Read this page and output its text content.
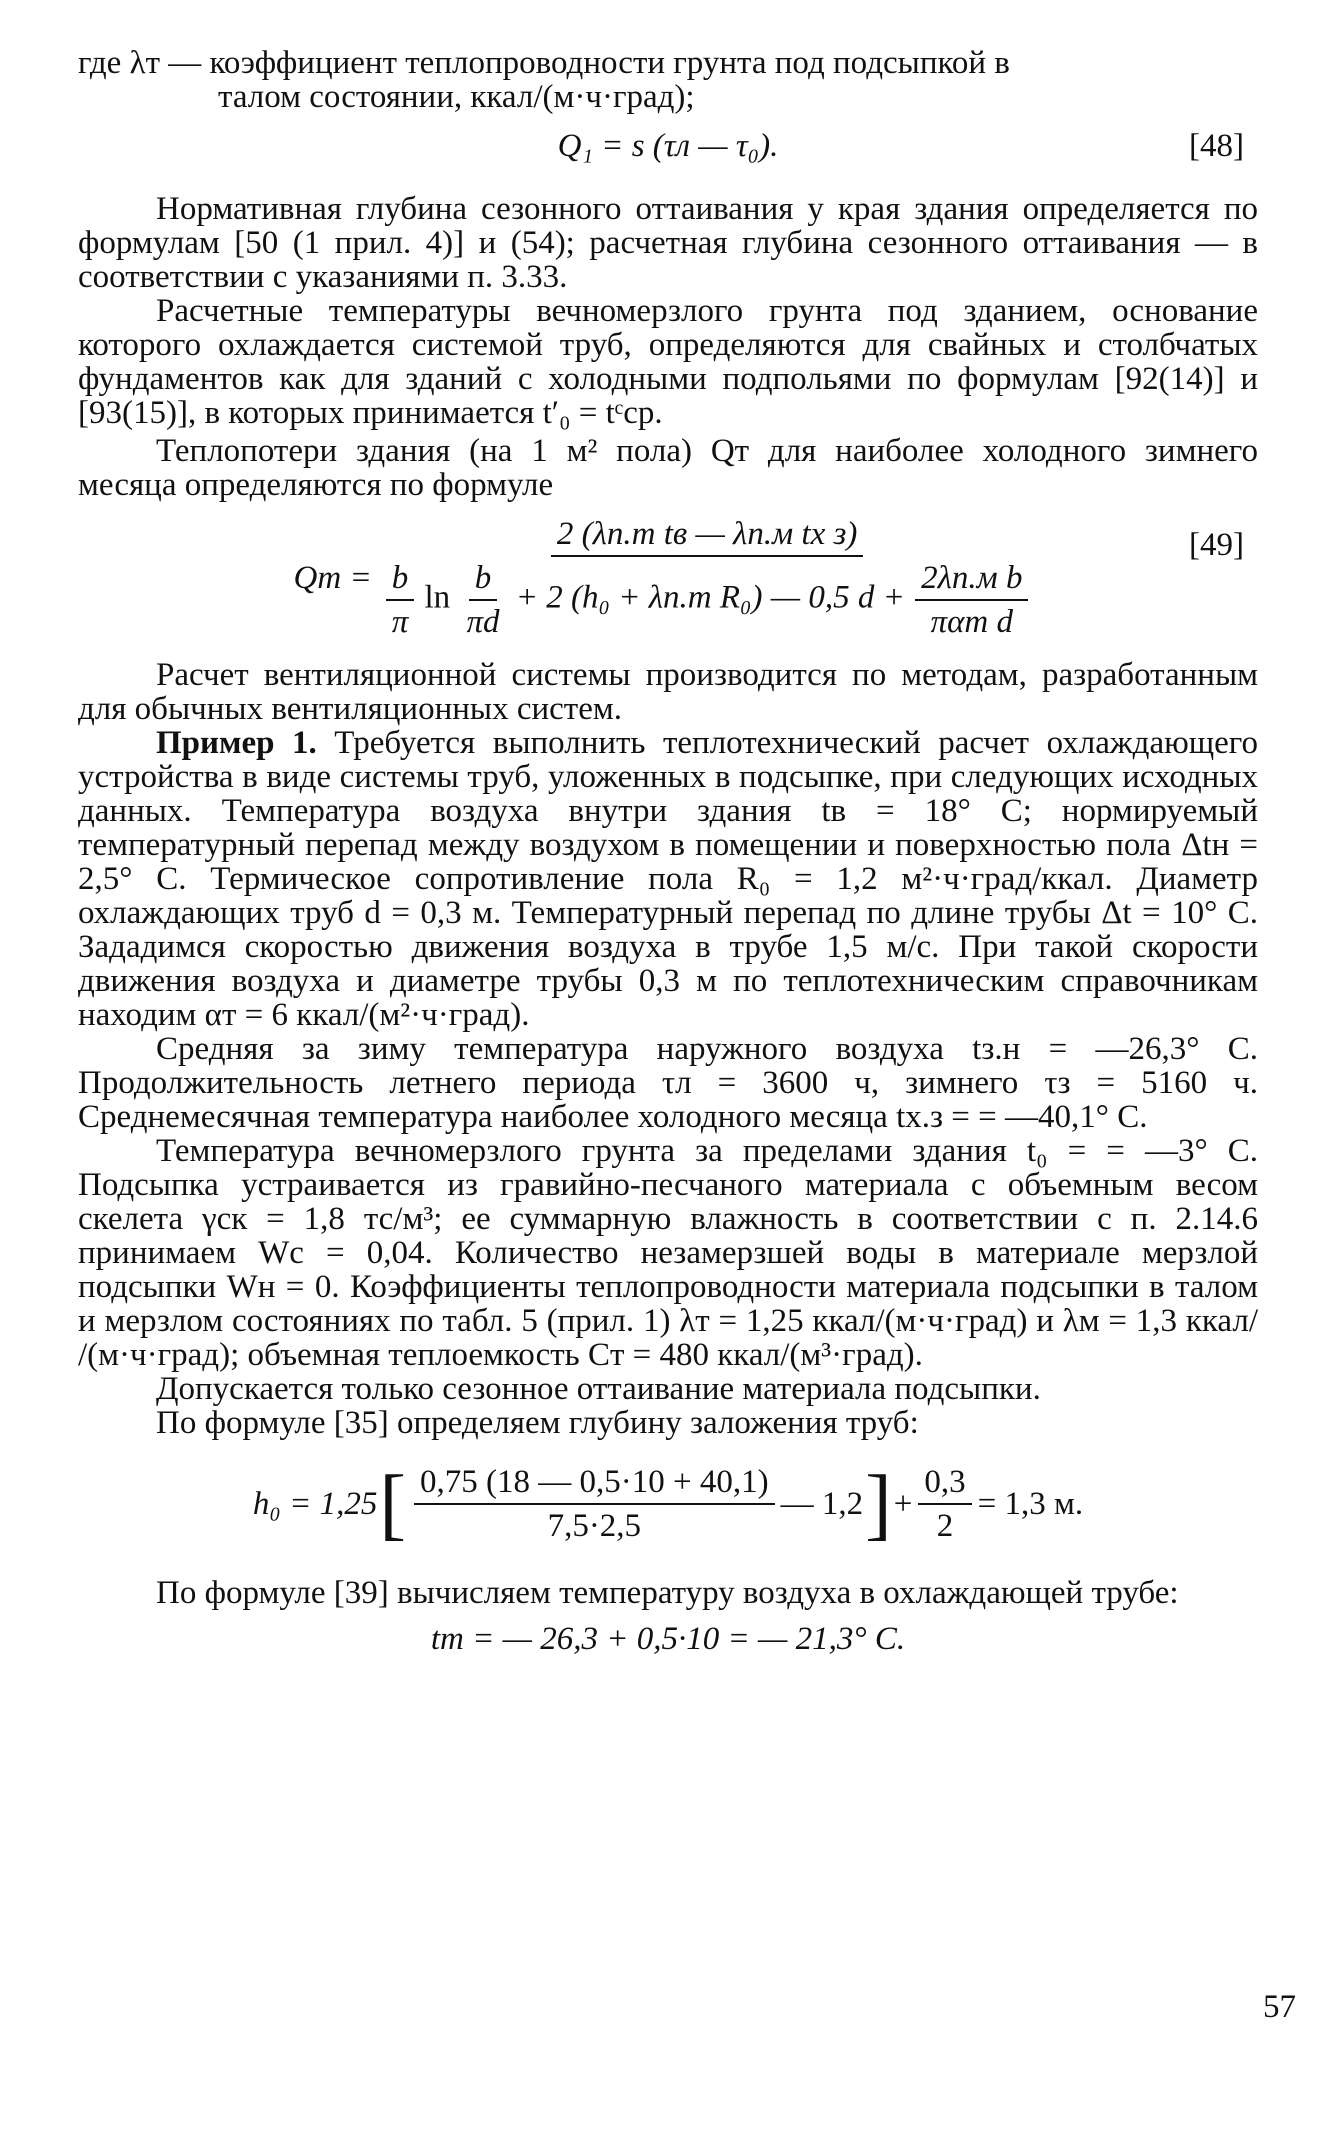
где λт — коэффициент теплопроводности грунта под подсыпкой в
талом состоянии, ккал/(м·ч·град);

Q₁ = s (τл — τ₀).	[48]

Нормативная глубина сезонного оттаивания у края здания определяется по формулам [50 (1 прил. 4)] и (54); расчетная глубина сезонного оттаивания — в соответствии с указаниями п. 3.33.

Расчетные температуры вечномерзлого грунта под зданием, основание которого охлаждается системой труб, определяются для свайных и столбчатых фундаментов как для зданий с холодными подпольями по формулам [92(14)] и [93(15)], в которых принимается t′₀ = tᶜср.

Теплопотери здания (на 1 м² пола) Qт для наиболее холодного зимнего месяца определяются по формуле

Qт =
2 (λп.т tв — λп.м tх з)
$\frac{b}{\pi}$ $\ln \frac{b}{\pi d} + 2$ (h₀ + λп.т R₀) — 0,5 $d + \frac{\text{2λп.м b}}{\text{παт d}}$
[49]

Расчет вентиляционной системы производится по методам, разработанным для обычных вентиляционных систем.

Пример 1. Требуется выполнить теплотехнический расчет охлаждающего устройства в виде системы труб, уложенных в подсыпке, при следующих исходных данных. Температура воздуха внутри здания tв = 18° С; нормируемый температурный перепад между воздухом в помещении и поверхностью пола Δtн = 2,5° С. Термическое сопротивление пола R₀ = 1,2 м²·ч·град/ккал. Диаметр охлаждающих труб d = 0,3 м. Температурный перепад по длине трубы Δt = 10° С. Зададимся скоростью движения воздуха в трубе 1,5 м/с. При такой скорости движения воздуха и диаметре трубы 0,3 м по теплотехническим справочникам находим αт = 6 ккал/(м²·ч·град).

Средняя за зиму температура наружного воздуха tз.н = —26,3° С. Продолжительность летнего периода τл = 3600 ч, зимнего τз = 5160 ч. Среднемесячная температура наиболее холодного месяца tх.з = = —40,1° С.

Температура вечномерзлого грунта за пределами здания t₀ = = —3° С. Подсыпка устраивается из гравийно-песчаного материала с объемным весом скелета γск = 1,8 тс/м³; ее суммарную влажность в соответствии с п. 2.14.6 принимаем Wс = 0,04. Количество незамерзшей воды в материале мерзлой подсыпки Wн = 0. Коэффициенты теплопроводности материала подсыпки в талом и мерзлом состояниях по табл. 5 (прил. 1) λт = 1,25 ккал/(м·ч·град) и λм = 1,3 ккал/ /(м·ч·град); объемная теплоемкость Cт = 480 ккал/(м³·град).

Допускается только сезонное оттаивание материала подсыпки.

По формуле [35] определяем глубину заложения труб:

h₀ = 1,25 [ $\frac{0,75 (18 — 0,5\cdot 10 + 40,1)}{7,5\cdot 2,5}$ — 1,2 ] + $\frac{0,3}{2} = 1,3$ м.

По формуле [39] вычисляем температуру воздуха в охлаждающей трубе:

tт = — 26,3 + 0,5·10 = — 21,3° С.
57
